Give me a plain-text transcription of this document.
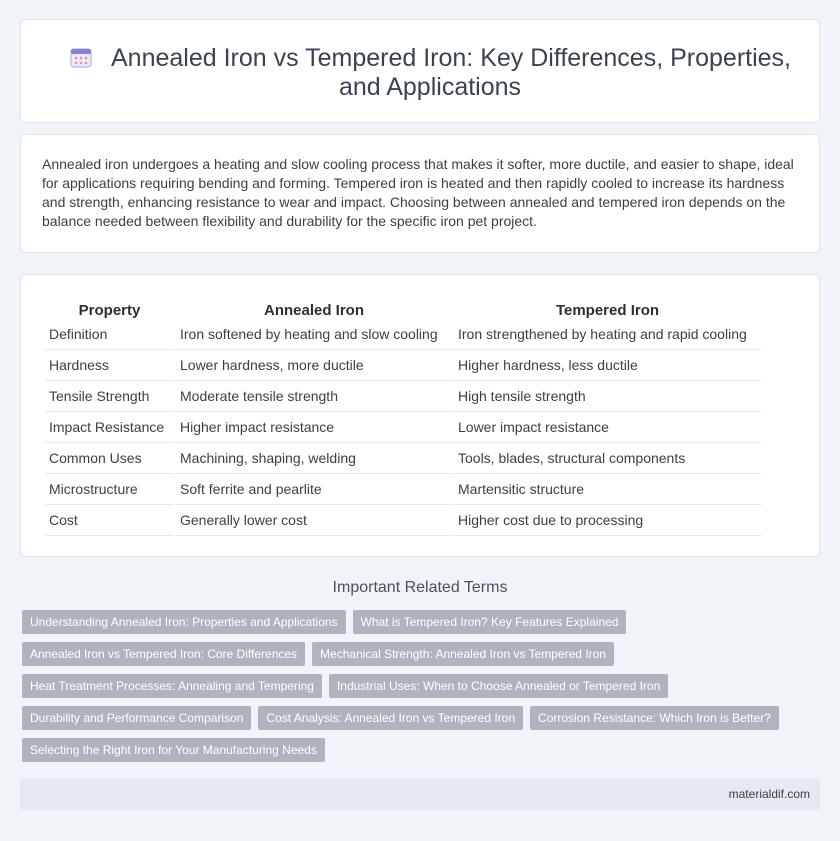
Annealed Iron vs Tempered Iron: Key Differences, Properties, and Applications

Annealed iron undergoes a heating and slow cooling process that makes it softer, more ductile, and easier to shape, ideal for applications requiring bending and forming. Tempered iron is heated and then rapidly cooled to increase its hardness and strength, enhancing resistance to wear and impact. Choosing between annealed and tempered iron depends on the balance needed between flexibility and durability for the specific iron pet project.

Property	Annealed Iron	Tempered Iron
Definition	Iron softened by heating and slow cooling	Iron strengthened by heating and rapid cooling
Hardness	Lower hardness, more ductile	Higher hardness, less ductile
Tensile Strength	Moderate tensile strength	High tensile strength
Impact Resistance	Higher impact resistance	Lower impact resistance
Common Uses	Machining, shaping, welding	Tools, blades, structural components
Microstructure	Soft ferrite and pearlite	Martensitic structure
Cost	Generally lower cost	Higher cost due to processing
Important Related Terms
Understanding Annealed Iron: Properties and Applications	What is Tempered Iron? Key Features Explained
Annealed Iron vs Tempered Iron: Core Differences	Mechanical Strength: Annealed Iron vs Tempered Iron
Heat Treatment Processes: Annealing and Tempering	Industrial Uses: When to Choose Annealed or Tempered Iron
Durability and Performance Comparison	Cost Analysis: Annealed Iron vs Tempered Iron	Corrosion Resistance: Which Iron is Better?
Selecting the Right Iron for Your Manufacturing Needs
materialdif.com
